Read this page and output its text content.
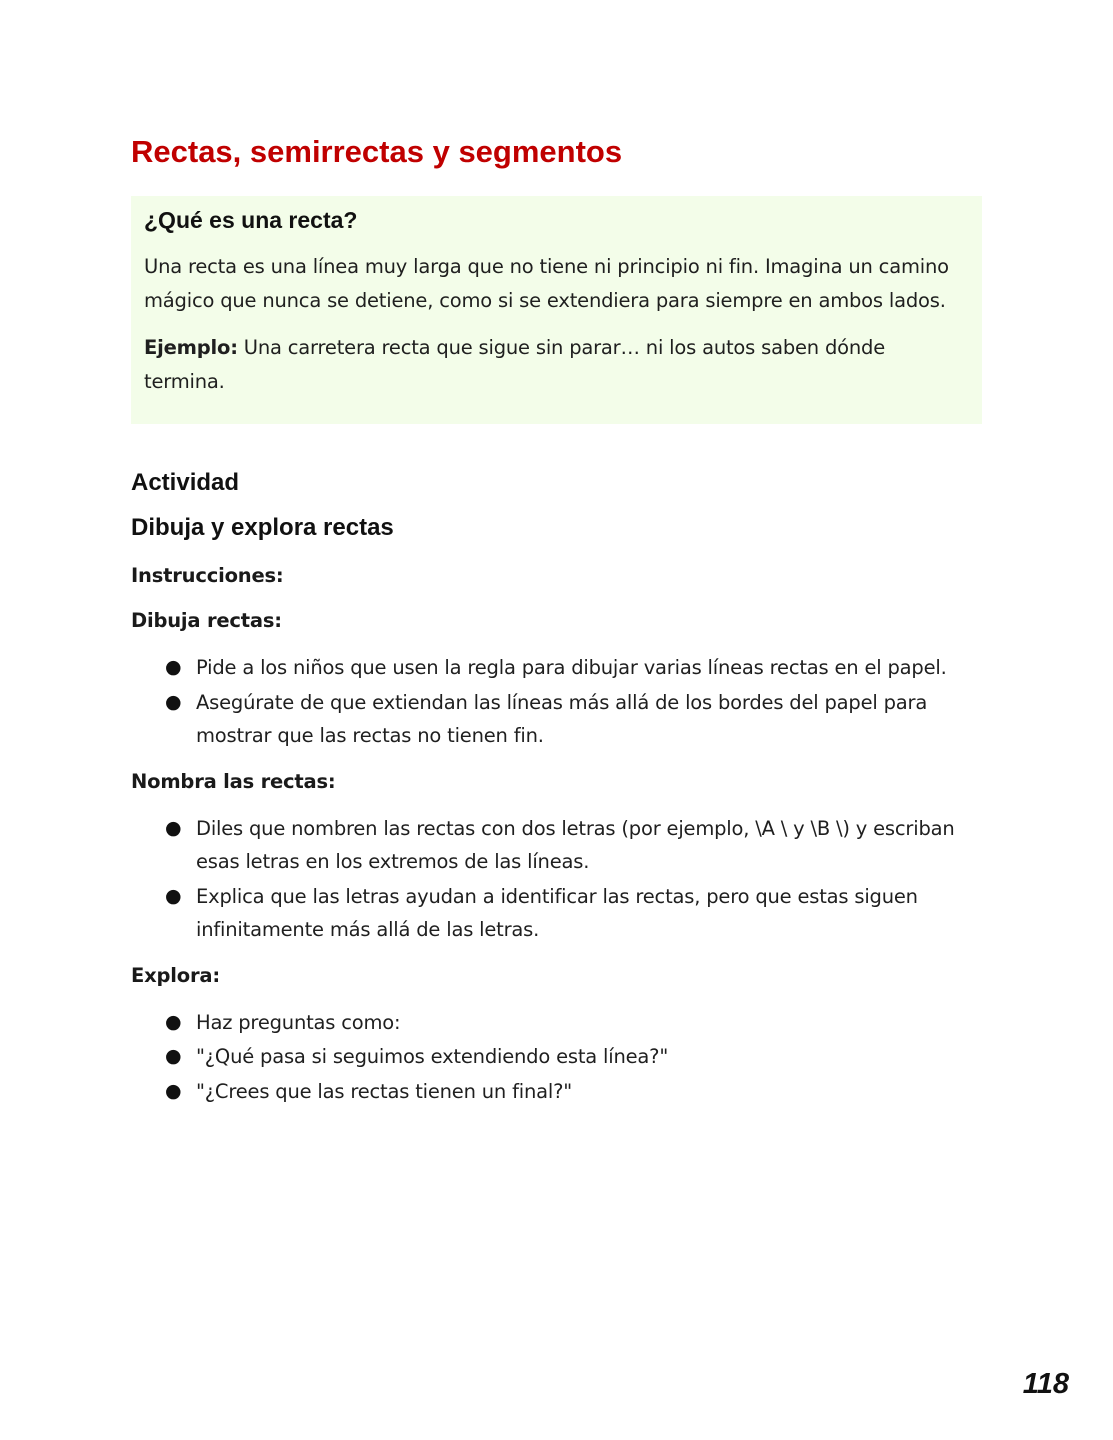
Rectas, semirrectas y segmentos
¿Qué es una recta?

Una recta es una línea muy larga que no tiene ni principio ni fin. Imagina un camino mágico que nunca se detiene, como si se extendiera para siempre en ambos lados.

Ejemplo: Una carretera recta que sigue sin parar… ni los autos saben dónde termina.

Actividad
Dibuja y explora rectas
Instrucciones:
Dibuja rectas:
● Pide a los niños que usen la regla para dibujar varias líneas rectas en el papel.
● Asegúrate de que extiendan las líneas más allá de los bordes del papel para mostrar que las rectas no tienen fin.
Nombra las rectas:
● Diles que nombren las rectas con dos letras (por ejemplo, \A \ y \B \) y escriban esas letras en los extremos de las líneas.
● Explica que las letras ayudan a identificar las rectas, pero que estas siguen infinitamente más allá de las letras.
Explora:
● Haz preguntas como:
● "¿Qué pasa si seguimos extendiendo esta línea?"
● "¿Crees que las rectas tienen un final?"
118
